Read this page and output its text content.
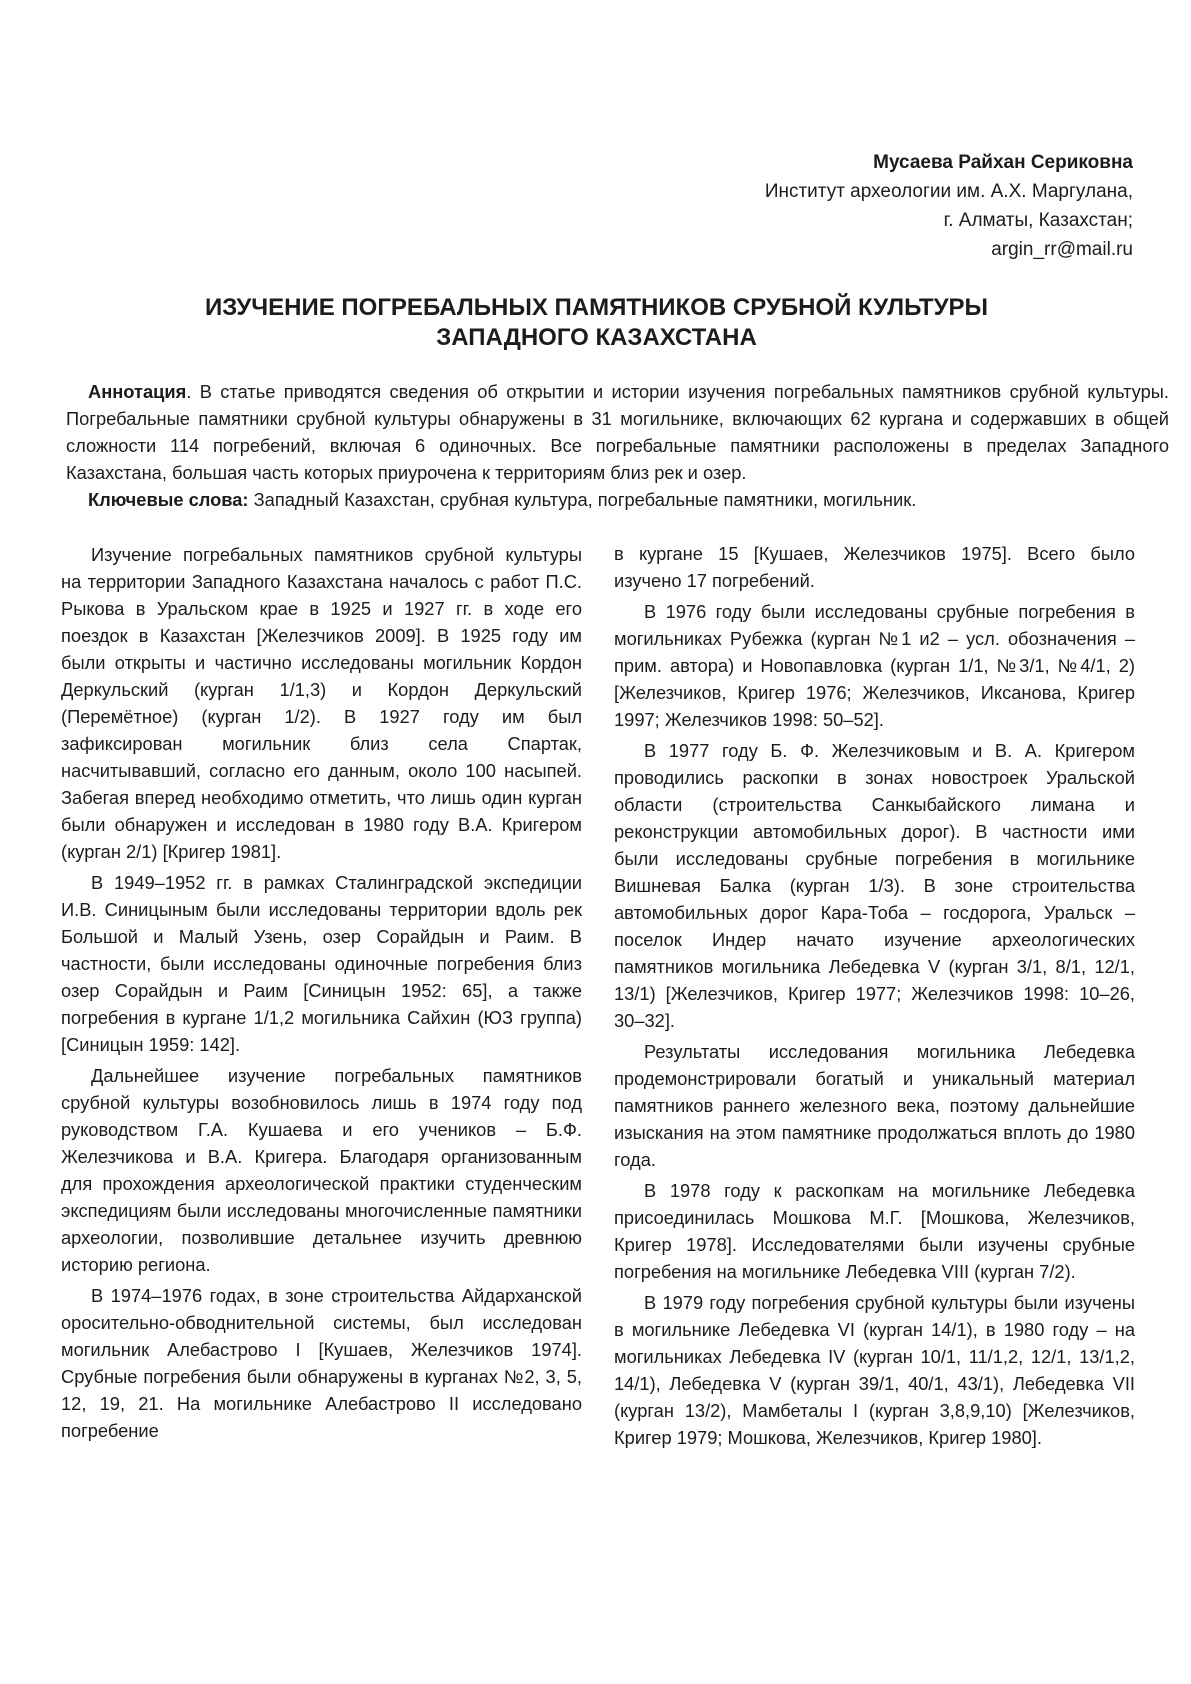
Мусаева Райхан Сериковна
Институт археологии им. А.Х. Маргулана,
г. Алматы, Казахстан;
argin_rr@mail.ru
ИЗУЧЕНИЕ ПОГРЕБАЛЬНЫХ ПАМЯТНИКОВ СРУБНОЙ КУЛЬТУРЫ
ЗАПАДНОГО КАЗАХСТАНА

Аннотация. В статье приводятся сведения об открытии и истории изучения погребальных памятников срубной культуры. Погребальные памятники срубной культуры обнаружены в 31 могильнике, включающих 62 кургана и содержавших в общей сложности 114 погребений, включая 6 одиночных. Все погребальные памятники расположены в пределах Западного Казахстана, большая часть которых приурочена к территориям близ рек и озер.

Ключевые слова: Западный Казахстан, срубная культура, погребальные памятники, могильник.

Изучение погребальных памятников срубной культуры на территории Западного Казахстана началось с работ П.С. Рыкова в Уральском крае в 1925 и 1927 гг. в ходе его поездок в Казахстан [Железчиков 2009]. В 1925 году им были открыты и частично исследованы могильник Кордон Деркульский (курган 1/1,3) и Кордон Деркульский (Перемётное) (курган 1/2). В 1927 году им был зафиксирован могильник близ села Спартак, насчитывавший, согласно его данным, около 100 насыпей. Забегая вперед необходимо отметить, что лишь один курган были обнаружен и исследован в 1980 году В.А. Кригером (курган 2/1) [Кригер 1981].

В 1949–1952 гг. в рамках Сталинградской экспедиции И.В. Синицыным были исследованы территории вдоль рек Большой и Малый Узень, озер Сорайдын и Раим. В частности, были исследованы одиночные погребения близ озер Сорайдын и Раим [Синицын 1952: 65], а также погребения в кургане 1/1,2 могильника Сайхин (ЮЗ группа) [Синицын 1959: 142].

Дальнейшее изучение погребальных памятников срубной культуры возобновилось лишь в 1974 году под руководством Г.А. Кушаева и его учеников – Б.Ф. Железчикова и В.А. Кригера. Благодаря организованным для прохождения археологической практики студенческим экспедициям были исследованы многочисленные памятники археологии, позволившие детальнее изучить древнюю историю региона.

В 1974–1976 годах, в зоне строительства Айдарханской оросительно-обводнительной системы, был исследован могильник Алебастрово I [Кушаев, Железчиков 1974]. Срубные погребения были обнаружены в курганах №2, 3, 5, 12, 19, 21. На могильнике Алебастрово II исследовано погребение

в кургане 15 [Кушаев, Железчиков 1975]. Всего было изучено 17 погребений.

В 1976 году были исследованы срубные погребения в могильниках Рубежка (курган №1 и2 – усл. обозначения – прим. автора) и Новопавловка (курган 1/1, №3/1, №4/1, 2) [Железчиков, Кригер 1976; Железчиков, Иксанова, Кригер 1997; Железчиков 1998: 50–52].

В 1977 году Б. Ф. Железчиковым и В. А. Кригером проводились раскопки в зонах новостроек Уральской области (строительства Санкыбайского лимана и реконструкции автомобильных дорог). В частности ими были исследованы срубные погребения в могильнике Вишневая Балка (курган 1/3). В зоне строительства автомобильных дорог Кара-Тоба – госдорога, Уральск – поселок Индер начато изучение археологических памятников могильника Лебедевка V (курган 3/1, 8/1, 12/1, 13/1) [Железчиков, Кригер 1977; Железчиков 1998: 10–26, 30–32].

Результаты исследования могильника Лебедевка продемонстрировали богатый и уникальный материал памятников раннего железного века, поэтому дальнейшие изыскания на этом памятнике продолжаться вплоть до 1980 года.

В 1978 году к раскопкам на могильнике Лебедевка присоединилась Мошкова М.Г. [Мошкова, Железчиков, Кригер 1978]. Исследователями были изучены срубные погребения на могильнике Лебедевка VIII (курган 7/2).

В 1979 году погребения срубной культуры были изучены в могильнике Лебедевка VI (курган 14/1), в 1980 году – на могильниках Лебедевка IV (курган 10/1, 11/1,2, 12/1, 13/1,2, 14/1), Лебедевка V (курган 39/1, 40/1, 43/1), Лебедевка VII (курган 13/2), Мамбеталы I (курган 3,8,9,10) [Железчиков, Кригер 1979; Мошкова, Железчиков, Кригер 1980].
